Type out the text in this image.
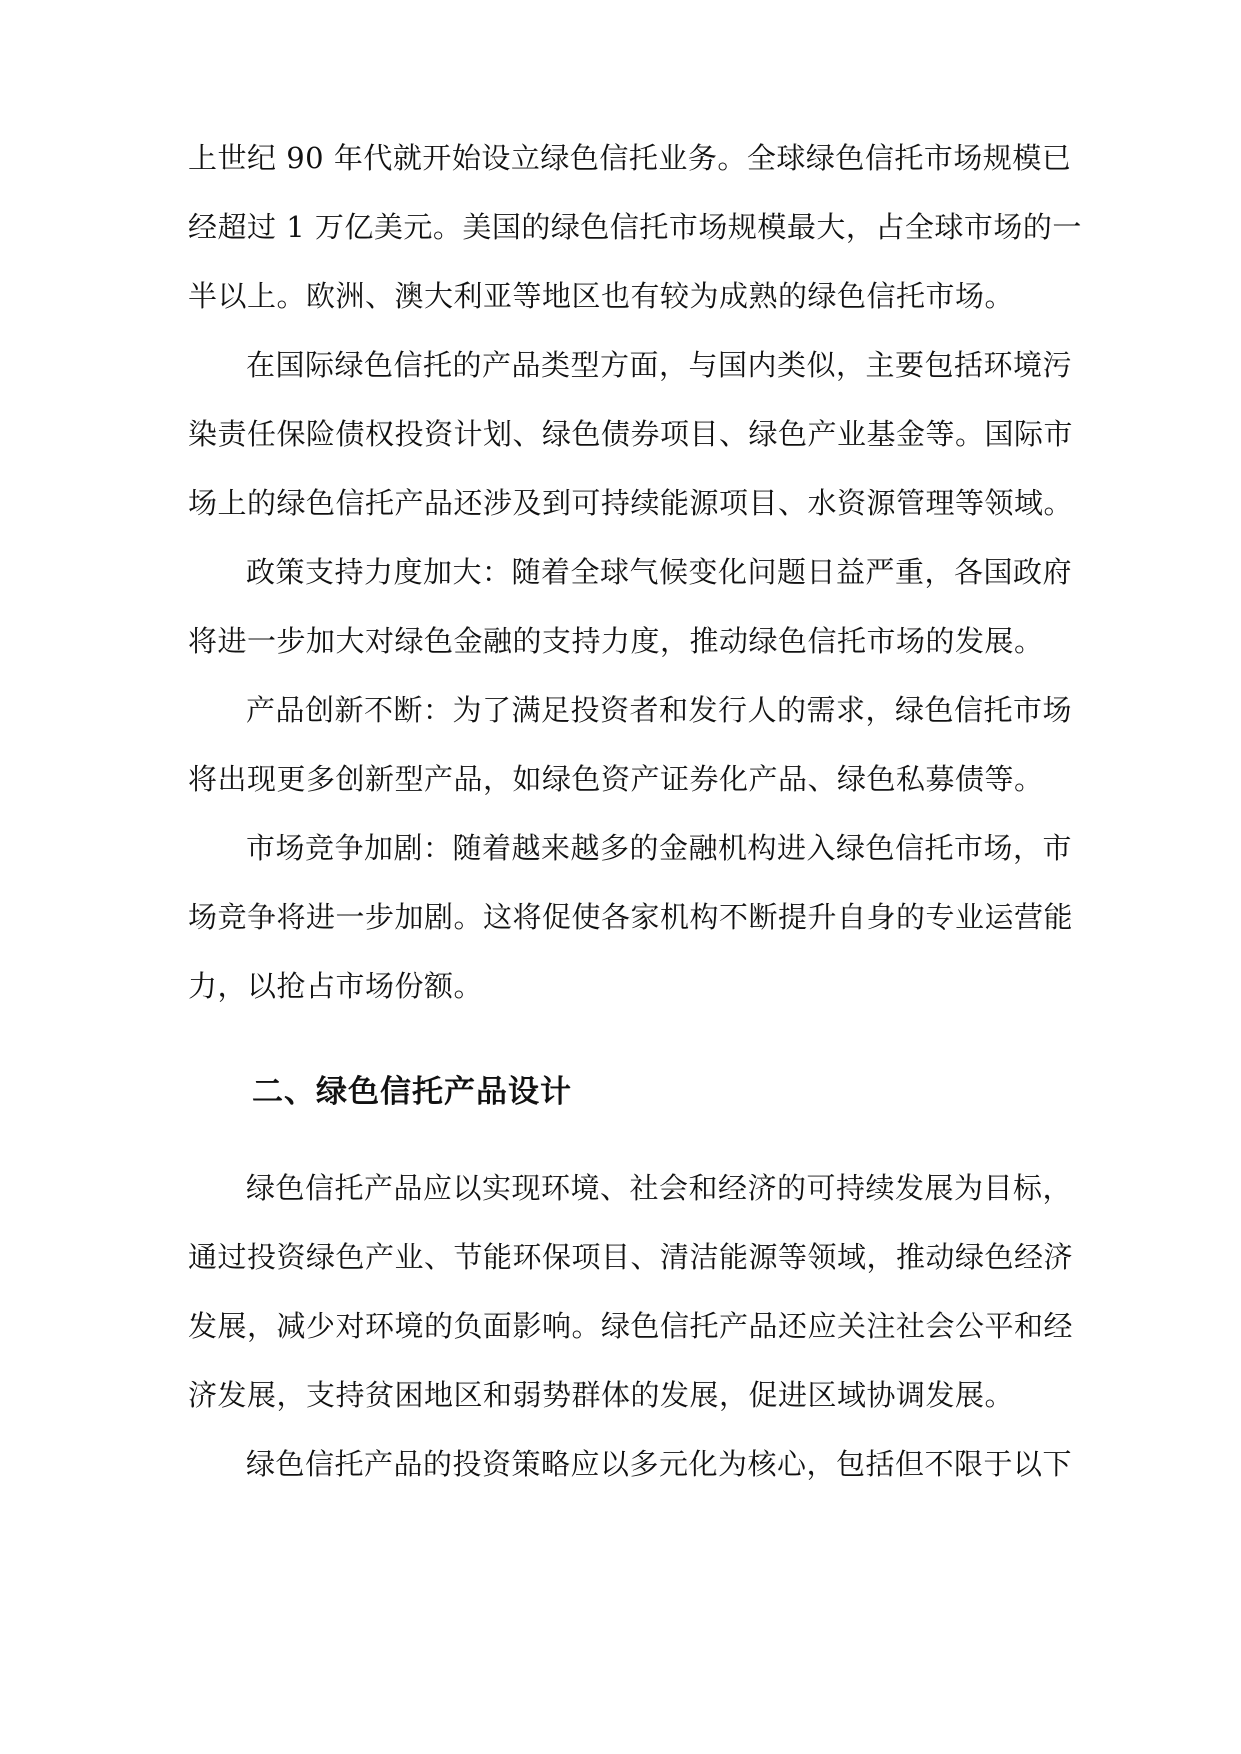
上世纪 90 年代就开始设立绿色信托业务。全球绿色信托市场规模已
经超过 1 万亿美元。美国的绿色信托市场规模最大，占全球市场的一
半以上。欧洲、澳大利亚等地区也有较为成熟的绿色信托市场。
在国际绿色信托的产品类型方面，与国内类似，主要包括环境污
染责任保险债权投资计划、绿色债券项目、绿色产业基金等。国际市
场上的绿色信托产品还涉及到可持续能源项目、水资源管理等领域。
政策支持力度加大：随着全球气候变化问题日益严重，各国政府
将进一步加大对绿色金融的支持力度，推动绿色信托市场的发展。
产品创新不断：为了满足投资者和发行人的需求，绿色信托市场
将出现更多创新型产品，如绿色资产证券化产品、绿色私募债等。
市场竞争加剧：随着越来越多的金融机构进入绿色信托市场，市
场竞争将进一步加剧。这将促使各家机构不断提升自身的专业运营能
力，以抢占市场份额。
二、绿色信托产品设计
绿色信托产品应以实现环境、社会和经济的可持续发展为目标，
通过投资绿色产业、节能环保项目、清洁能源等领域，推动绿色经济
发展，减少对环境的负面影响。绿色信托产品还应关注社会公平和经
济发展，支持贫困地区和弱势群体的发展，促进区域协调发展。
绿色信托产品的投资策略应以多元化为核心，包括但不限于以下
